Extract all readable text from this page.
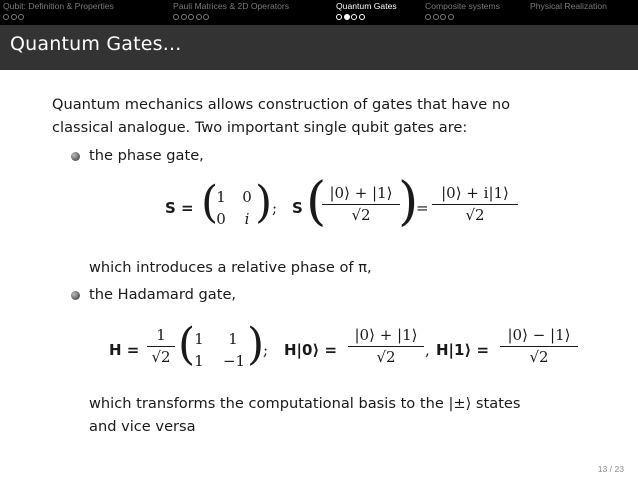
Qubit: Definition & Properties	Pauli Matrices & 2D Operators	Quantum Gates	Composite systems	Physical Realization
Quantum Gates...
Quantum mechanics allows construction of gates that have no
classical analogue. Two important single qubit gates are:
the phase gate,
S = (
1	0
0	i ) ; S (
$\frac{|0⟩ + |1⟩}{√2}$
)
= $\frac{|0⟩ + i|1⟩}{√2}$
which introduces a relative phase of π,
the Hadamard gate,
$H = \frac{1}{√2}$ ( 1	1
1	−1 )
; H|0⟩ = $\frac{|0⟩ + |1⟩}{√2}$ , H|1⟩ = $\frac{|0⟩ - |1⟩}{√2}$
which transforms the computational basis to the |±⟩ states
and vice versa
13 / 23
